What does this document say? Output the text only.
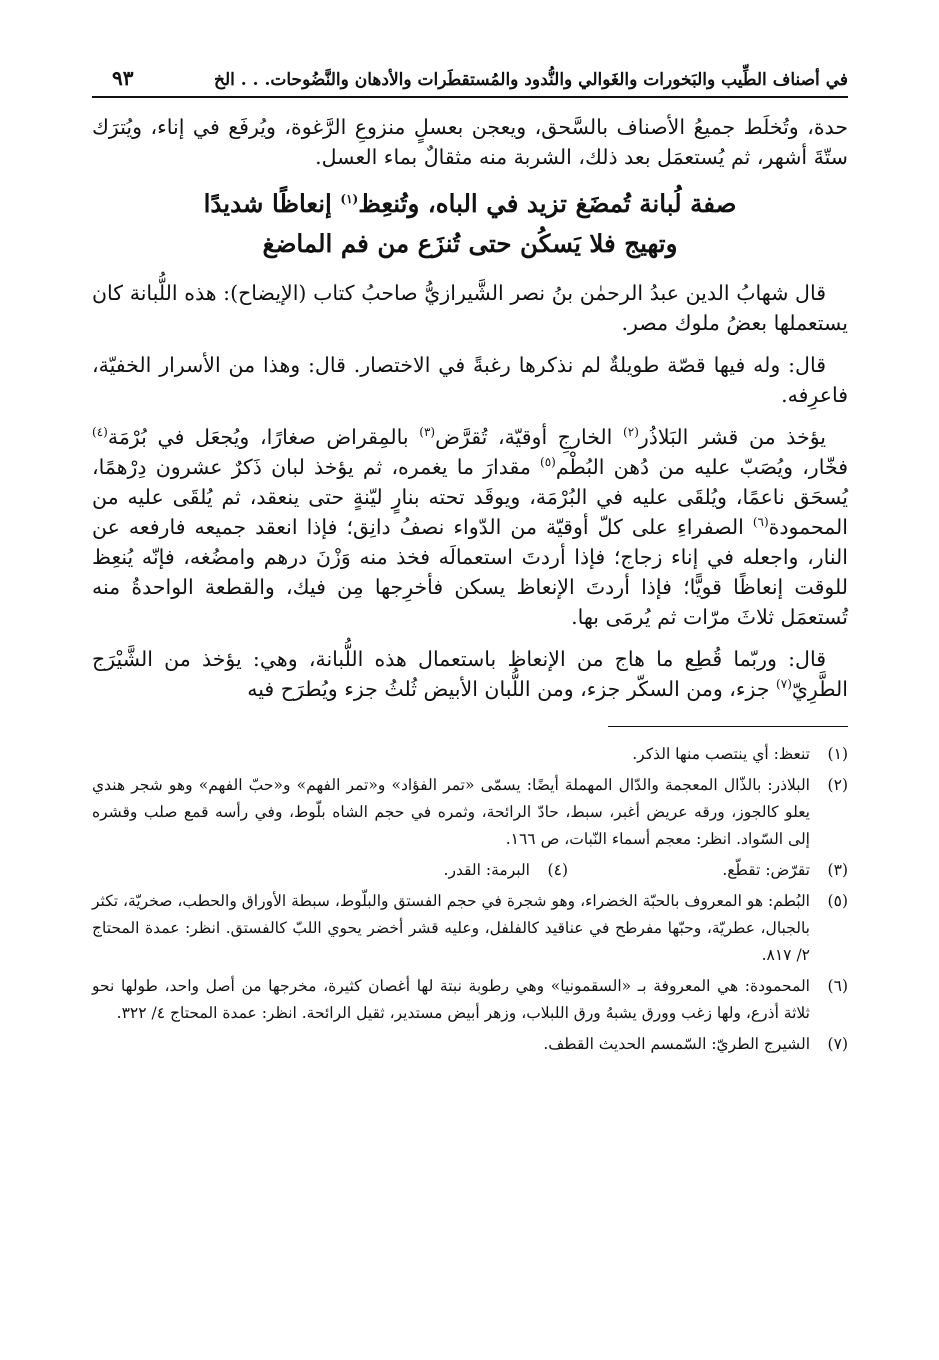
في أصناف الطِّيب والبَخورات والغَوالي والنُّدود والمُستقطَرات والأدهان والنَّضُوحات. . . الخ
٩٣

حدة، وتُخلَط جميعُ الأصناف بالسَّحق، ويعجن بعسلٍ منزوعِ الرَّغوة، ويُرفَع في إناء، ويُترَك ستّةَ أشهر، ثم يُستعمَل بعد ذلك، الشربة منه مثقالٌ بماء العسل.

صفة لُبانة تُمضَغ تزيد في الباه، وتُنعِظ$^{(١)}$ إنعاظًا شديدًا
وتهيج فلا يَسكُن حتى تُنزَع من فم الماضغ

قال شهابُ الدين عبدُ الرحمٰن بنُ نصر الشَّيرازيُّ صاحبُ كتاب (الإيضاح): هذه اللُّبانة كان يستعملها بعضُ ملوك مصر.

قال: وله فيها قصّة طويلةٌ لم نذكرها رغبةً في الاختصار. قال: وهذا من الأسرار الخفيّة، فاعرِفه.

يؤخذ من قشر البَلاذُر$^{(٢)}$ الخارجِ أوقيّة، تُقرَّض$^{(٣)}$ بالمِقراض صغارًا، ويُجعَل في بُرْمَة$^{(٤)}$ فخّار، ويُصَبّ عليه من دُهن البُطْم$^{(٥)}$ مقدارَ ما يغمره، ثم يؤخذ لبان ذَكرٌ عشرون دِرْهمًا، يُسحَق ناعمًا، ويُلقَى عليه في البُرْمَة، ويوقَد تحته بنارٍ ليّنةٍ حتى ينعقد، ثم يُلقَى عليه من المحمودة$^{(٦)}$ الصفراءِ على كلّ أوقيّة من الدّواء نصفُ دانِق؛ فإذا انعقد جميعه فارفعه عن النار، واجعله في إناء زجاج؛ فإذا أردتَ استعمالَه فخذ منه وَزْنَ درهم وامضُغه، فإنّه يُنعِظ للوقت إنعاظًا قويًّا؛ فإذا أردتَ الإنعاظ يسكن فأخرِجها مِن فيك، والقطعة الواحدةُ منه تُستعمَل ثلاثَ مرّات ثم يُرمَى بها.

قال: وربّما قُطِع ما هاج من الإنعاظ باستعمال هذه اللُّبانة، وهي: يؤخذ من الشَّيْرَج الطَّرِيّ$^{(٧)}$ جزء، ومن السكّر جزء، ومن اللُّبان الأبيض ثُلثُ جزء ويُطرَح فيه

(١)
تنعظ: أي ينتصب منها الذكر.
(٢)
البلاذر: بالذّال المعجمة والدّال المهملة أيضًا: يسمّى «تمر الفؤاد» و«تمر الفهم» و«حبّ الفهم» وهو شجر هندي يعلو كالجوز، ورقه عريض أغبر، سبط، حادّ الرائحة، وثمره في حجم الشاه بلّوط، وفي رأسه قمع صلب وقشره إلى السّواد. انظر: معجم أسماء النّبات، ص ١٦٦.
(٣)
تقرّض: تقطّع.
(٤)
البرمة: القدر.
(٥)
البُطم: هو المعروف بالحبّة الخضراء، وهو شجرة في حجم الفستق والبلّوط، سبطة الأوراق والحطب، صخريّة، تكثر بالجبال، عطريّة، وحبّها مفرطح في عناقيد كالفلفل، وعليه قشر أخضر يحوي اللبّ كالفستق. انظر: عمدة المحتاج ٢/ ٨١٧.
(٦)
المحمودة: هي المعروفة بـ «السقمونيا» وهي رطوبة نبتة لها أغصان كثيرة، مخرجها من أصل واحد، طولها نحو ثلاثة أذرع، ولها زغب وورق يشبهُ ورق اللبلاب، وزهر أبيض مستدير، ثقيل الرائحة. انظر: عمدة المحتاج ٤/ ٣٢٢.
(٧)
الشيرج الطريّ: السّمسم الحديث القطف.
